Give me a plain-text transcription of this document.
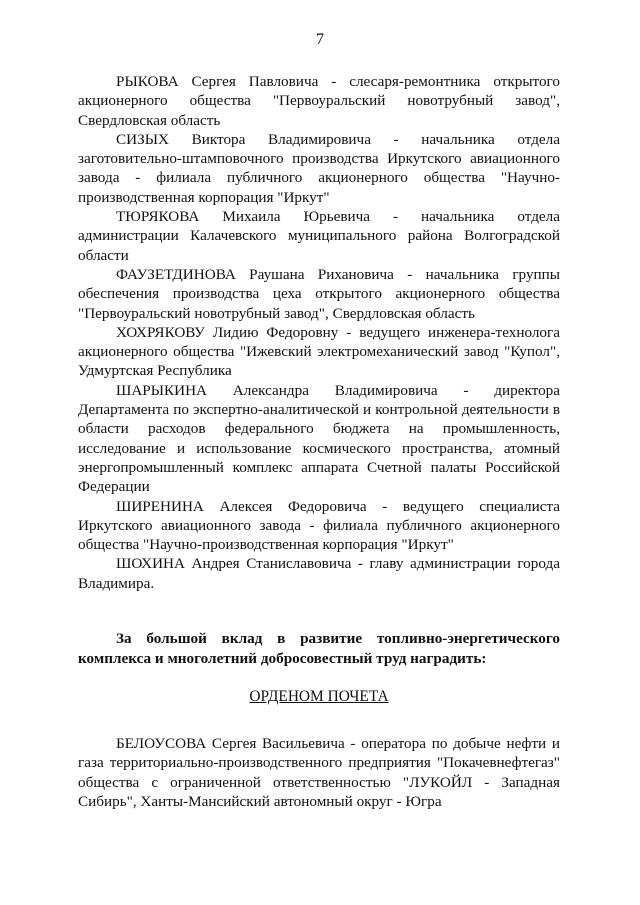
7

РЫКОВА Сергея Павловича - слесаря-ремонтника открытого акционерного общества "Первоуральский новотрубный завод", Свердловская область

СИЗЫХ Виктора Владимировича - начальника отдела заготовительно-штамповочного производства Иркутского авиационного завода - филиала публичного акционерного общества "Научно-производственная корпорация "Иркут"

ТЮРЯКОВА Михаила Юрьевича - начальника отдела администрации Калачевского муниципального района Волгоградской области

ФАУЗЕТДИНОВА Раушана Рихановича - начальника группы обеспечения производства цеха открытого акционерного общества "Первоуральский новотрубный завод", Свердловская область

ХОХРЯКОВУ Лидию Федоровну - ведущего инженера-технолога акционерного общества "Ижевский электромеханический завод "Купол", Удмуртская Республика

ШАРЫКИНА Александра Владимировича - директора Департамента по экспертно-аналитической и контрольной деятельности в области расходов федерального бюджета на промышленность, исследование и использование космического пространства, атомный энергопромышленный комплекс аппарата Счетной палаты Российской Федерации

ШИРЕНИНА Алексея Федоровича - ведущего специалиста Иркутского авиационного завода - филиала публичного акционерного общества "Научно-производственная корпорация "Иркут"

ШОХИНА Андрея Станиславовича - главу администрации города Владимира.

За большой вклад в развитие топливно-энергетического комплекса и многолетний добросовестный труд наградить:

ОРДЕНОМ ПОЧЕТА

БЕЛОУСОВА Сергея Васильевича - оператора по добыче нефти и газа территориально-производственного предприятия "Покачевнефтегаз" общества с ограниченной ответственностью "ЛУКОЙЛ - Западная Сибирь", Ханты-Мансийский автономный округ - Югра
